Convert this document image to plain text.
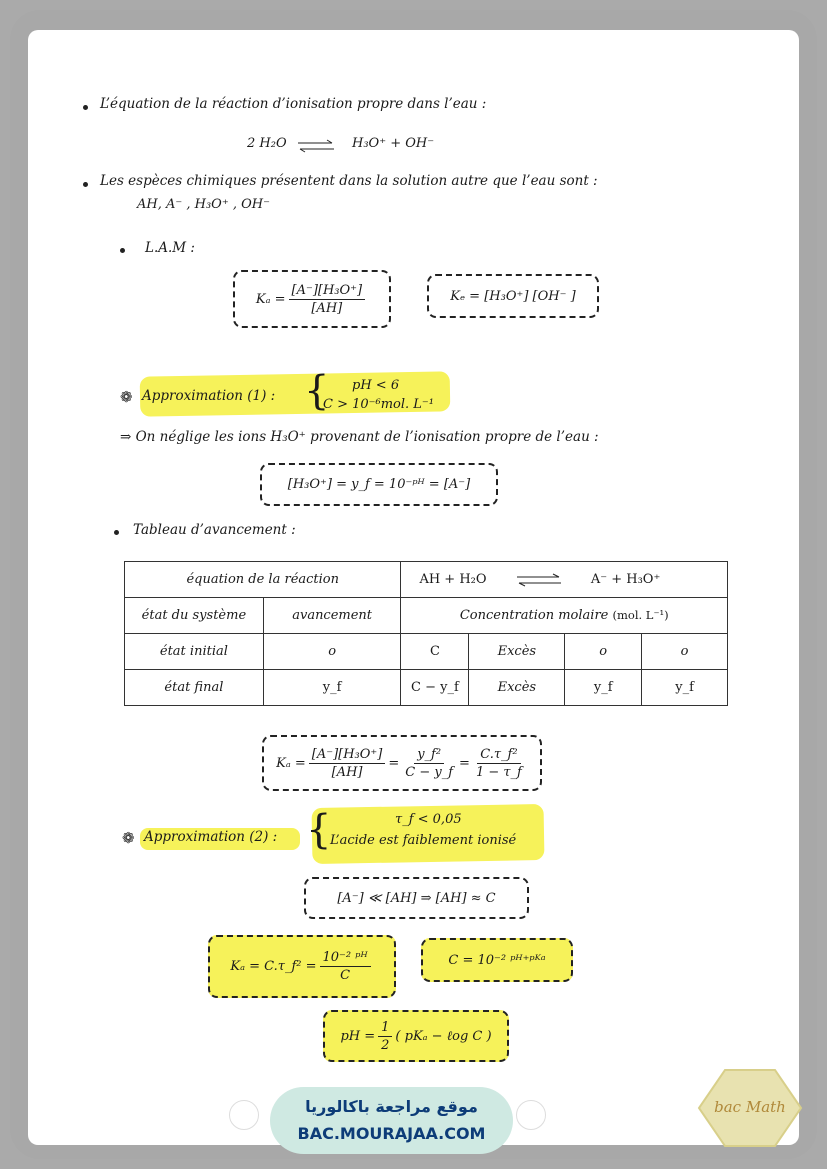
L’équation de la réaction d’ionisation propre dans l’eau :
2 H₂O ⇌ H₃O⁺ + OH⁻
Les espèces chimiques présentent dans la solution autre que l’eau sont :
AH, A⁻ , H₃O⁺ , OH⁻
L.A.M :
$K_a = \frac{\text{[A⁻][H₃O⁺]}}{[AH]}$	Kₑ = [H₃O⁺] [OH⁻ ]
❁ Approximation (1) : { pH < 6
C > 10⁻⁶mol. L⁻¹
⇒ On néglige les ions H₃O⁺ provenant de l’ionisation propre de l’eau :
[H₃O⁺] = y_f = 10⁻ᵖᴴ = [A⁻]
Tableau d’avancement :
équation de la réaction		AH + H₂O A⁻ + H₃O⁺			
état du système	avancement	Concentration molaire (mol. L⁻¹)			
état initial	o	C	Excès	o	o
état final	y_f	C − y_f	Excès	y_f	y_f
$K_a = \frac{\text{[A⁻][H₃O⁺]}}{[AH]} = \frac{\text{y\_f²}}{C - y\_f} = \frac{\text{C.τ\_f²}}{1 - \tau\_f}$
❁ Approximation (2) : {	τ_f < 0,05
L’acide est faiblement ionisé
[A⁻] ≪ [AH] ⇒ [AH] ≈ C
Kₐ = C.τ_f² = $\frac{\text{10⁻² ᵖᴴ}}{C}$	C = 10⁻² ᵖᴴ⁺ᵖᴷᵃ
pH = $\frac{1}{2}$ ( pKₐ − ℓog C )
موقع مراجعة باكالوريا
BAC.MOURAJAA.COM
bac Math
